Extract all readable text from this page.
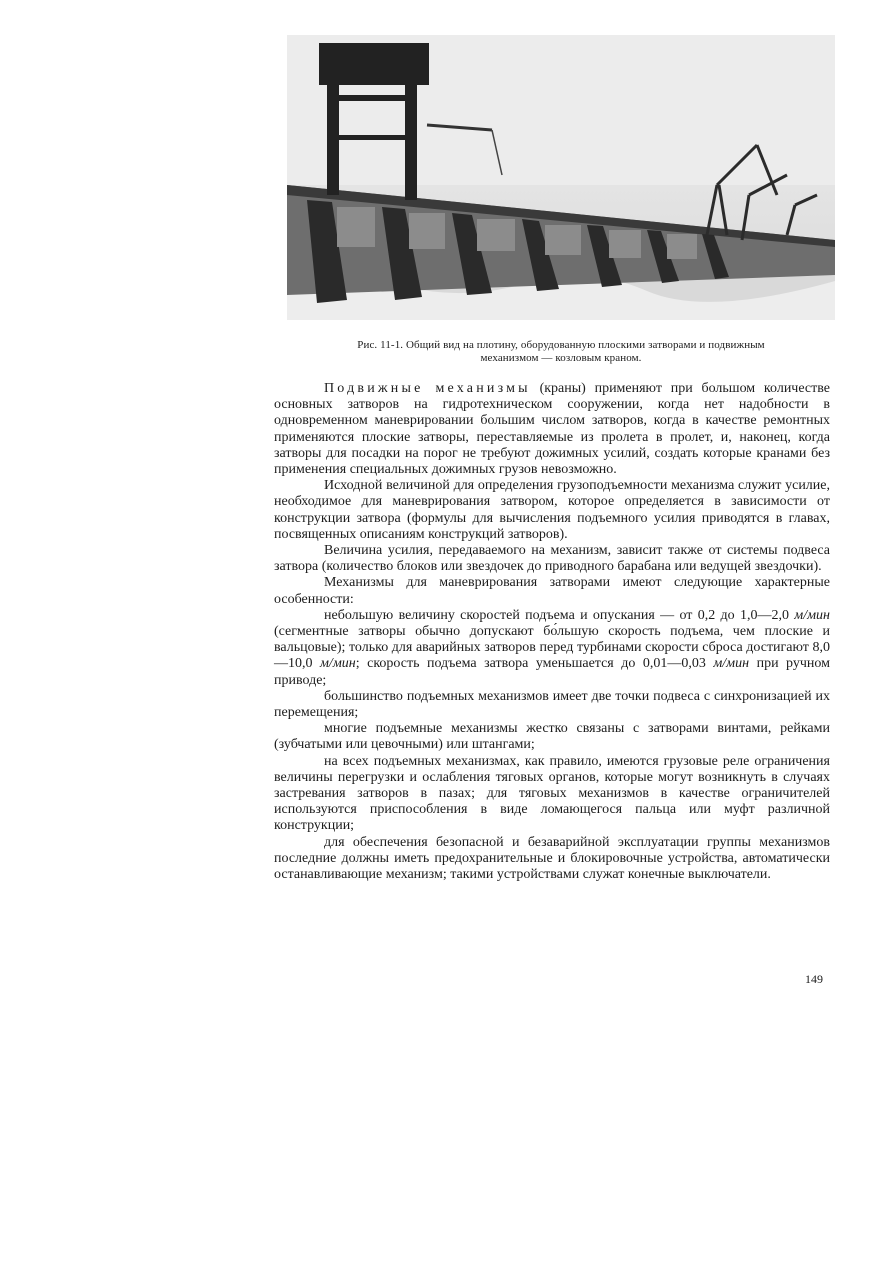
Рис. 11-1. Общий вид на плотину, оборудованную плоскими затворами и подвижным
механизмом — козловым краном.

Подвижные механизмы (краны) применяют при большом количестве основных затворов на гидротехническом сооружении, когда нет надобности в одновременном маневрировании большим числом затворов, когда в качестве ремонтных применяются плоские затворы, переставляемые из пролета в пролет, и, наконец, когда затворы для посадки на порог не требуют дожимных усилий, создать которые кранами без применения специальных дожимных грузов невозможно.

Исходной величиной для определения грузоподъемности механизма служит усилие, необходимое для маневрирования затвором, которое определяется в зависимости от конструкции затвора (формулы для вычисления подъемного усилия приводятся в главах, посвященных описаниям конструкций затворов).

Величина усилия, передаваемого на механизм, зависит также от системы подвеса затвора (количество блоков или звездочек до приводного барабана или ведущей звездочки).

Механизмы для маневрирования затворами имеют следующие характерные особенности:

небольшую величину скоростей подъема и опускания — от 0,2 до 1,0—2,0 м/мин (сегментные затворы обычно допускают бо́льшую скорость подъема, чем плоские и вальцовые); только для аварийных затворов перед турбинами скорости сброса достигают 8,0—10,0 м/мин; скорость подъема затвора уменьшается до 0,01—0,03 м/мин при ручном приводе;

большинство подъемных механизмов имеет две точки подвеса с синхронизацией их перемещения;

многие подъемные механизмы жестко связаны с затворами винтами, рейками (зубчатыми или цевочными) или штангами;

на всех подъемных механизмах, как правило, имеются грузовые реле ограничения величины перегрузки и ослабления тяговых органов, которые могут возникнуть в случаях застревания затворов в пазах; для тяговых механизмов в качестве ограничителей используются приспособления в виде ломающегося пальца или муфт различной конструкции;

для обеспечения безопасной и безаварийной эксплуатации группы механизмов последние должны иметь предохранительные и блокировочные устройства, автоматически останавливающие механизм; такими устройствами служат конечные выключатели.

149
